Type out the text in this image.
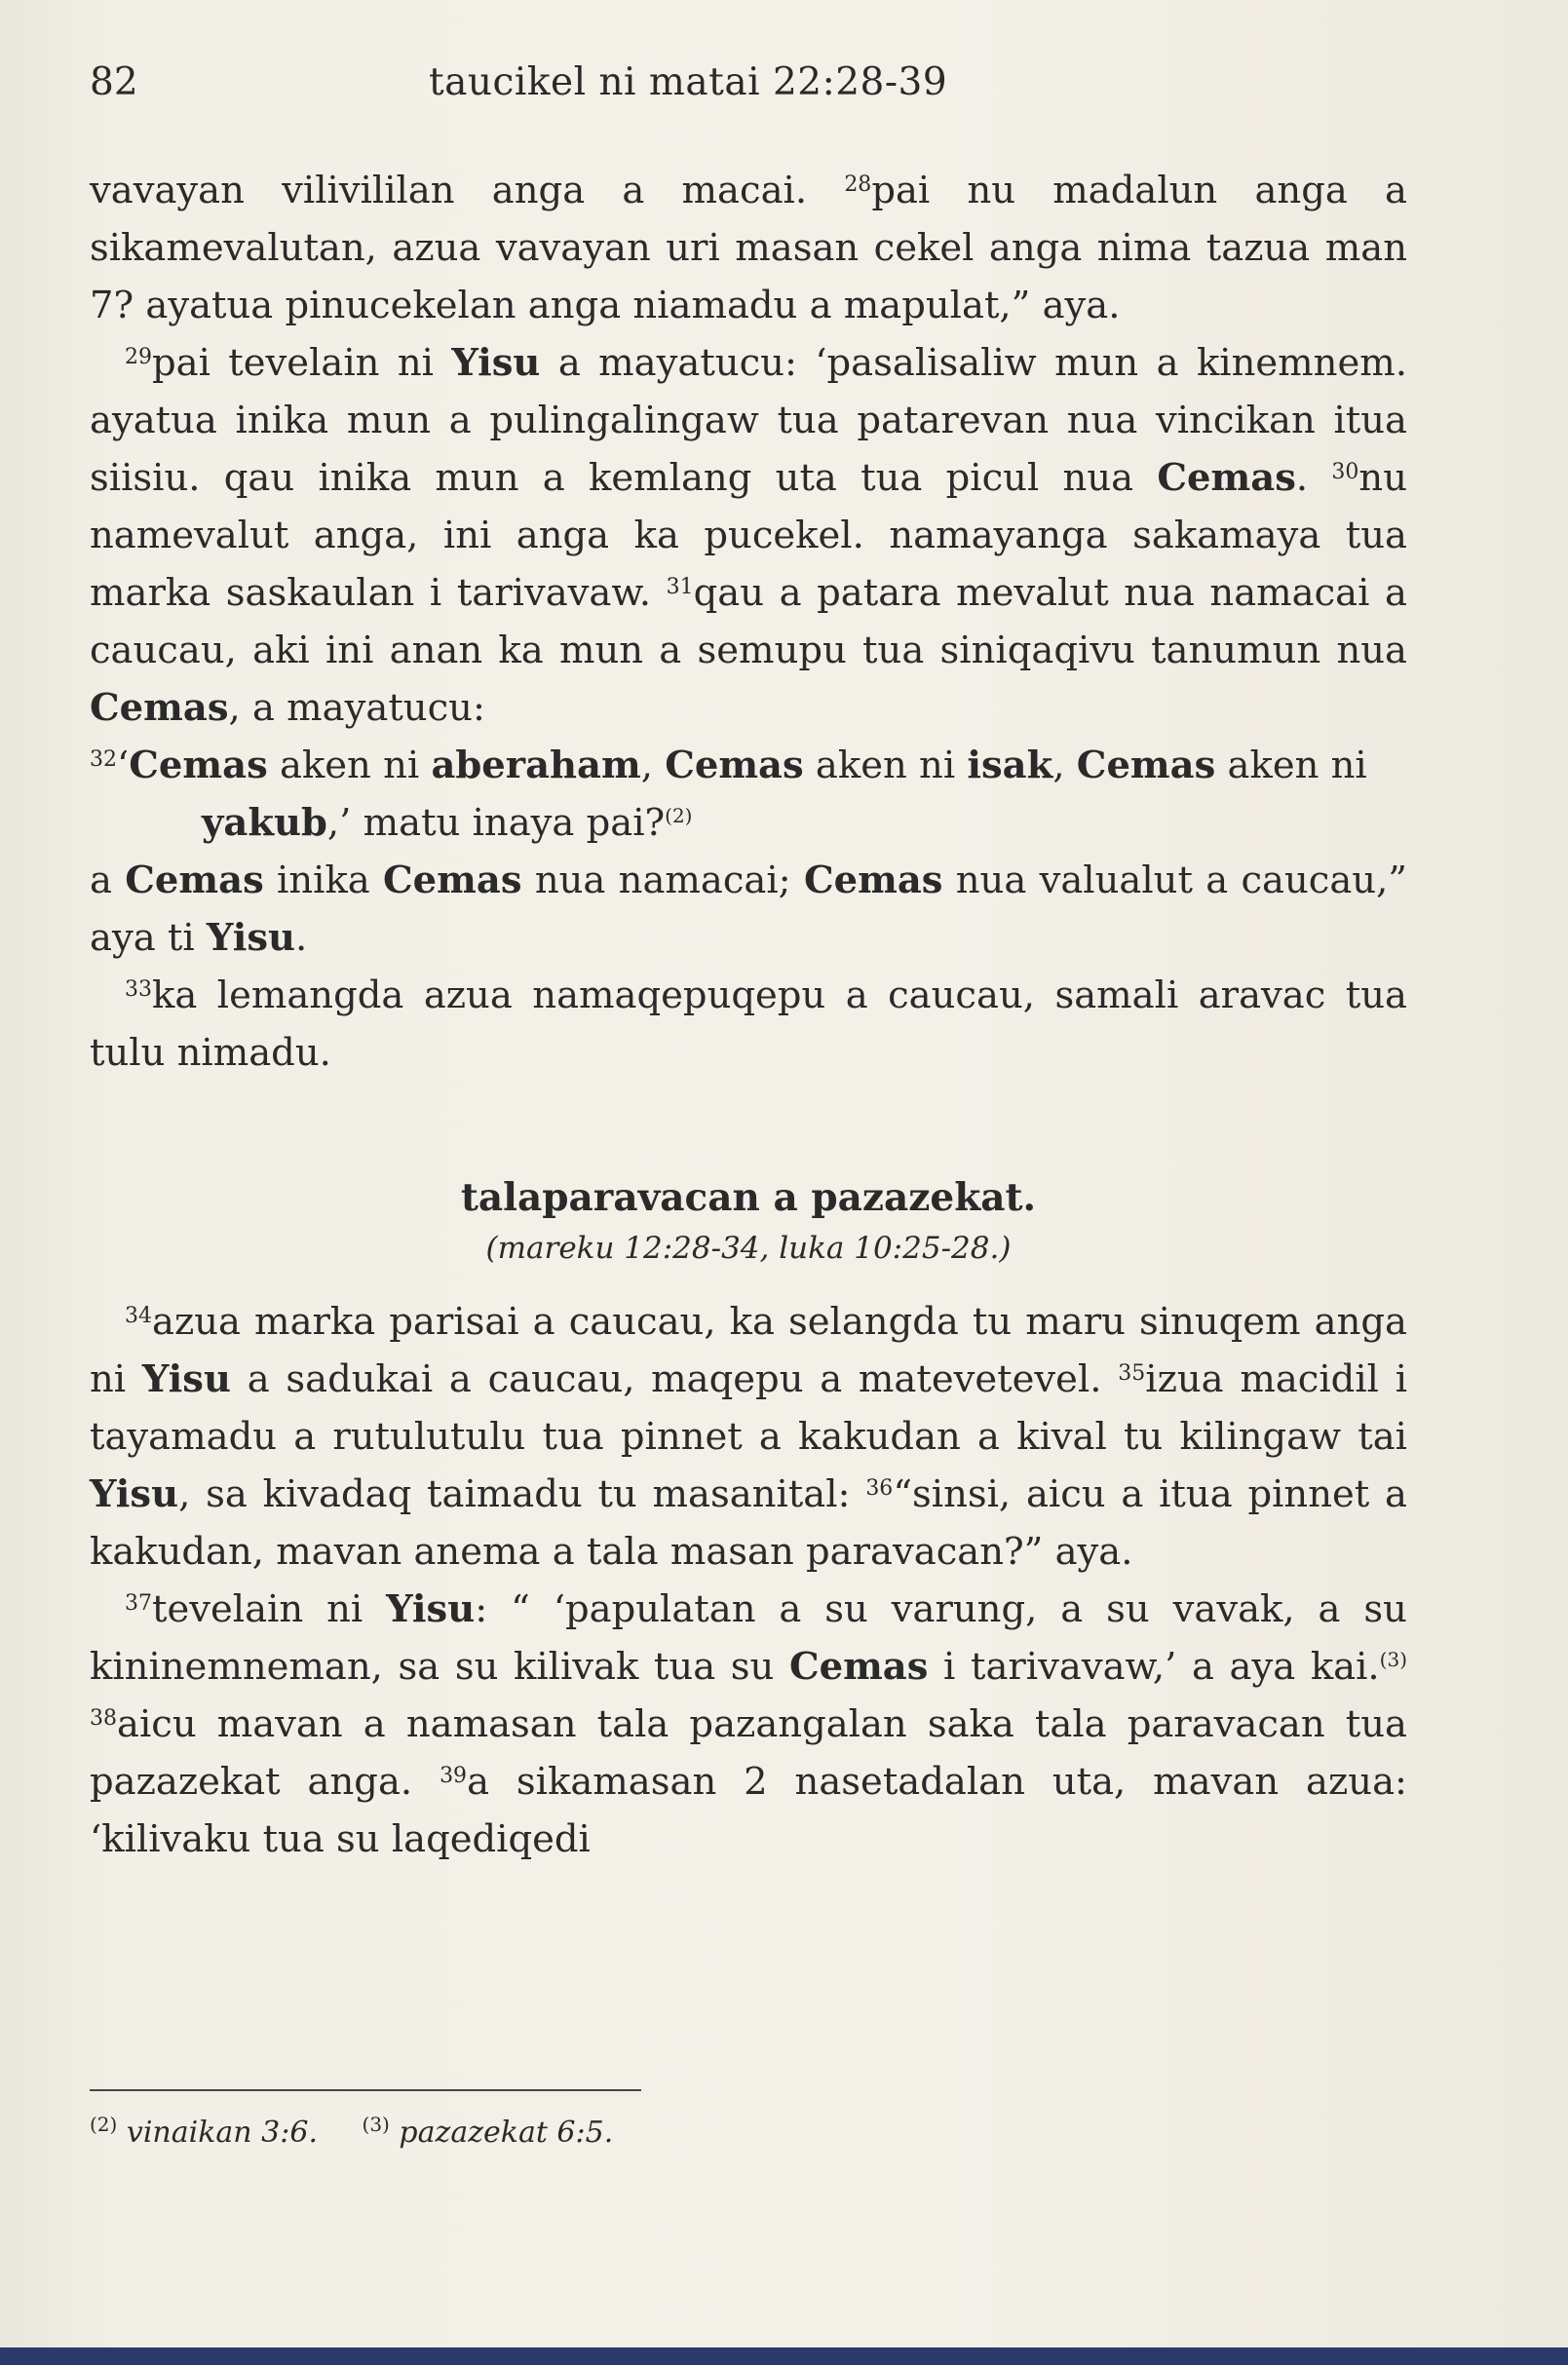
82	taucikel ni matai 22:28-39

vavayan vilivililan anga a macai. $^{28}$pai nu madalun anga a sikamevalutan, azua vavayan uri masan cekel anga nima tazua man 7? ayatua pinucekelan anga niamadu a mapulat,” aya.

$^{29}$pai tevelain ni Yisu a mayatucu: ‘pasalisaliw mun a kinemnem. ayatua inika mun a pulingalingaw tua patarevan nua vincikan itua siisiu. qau inika mun a kemlang uta tua picul nua Cemas. $^{30}$nu namevalut anga, ini anga ka pucekel. namayanga sakamaya tua marka saskaulan i tarivavaw. $^{31}$qau a patara mevalut nua namacai a caucau, aki ini anan ka mun a semupu tua siniqaqivu tanumun nua Cemas, a mayatucu:

$^{32}$‘Cemas aken ni aberaham, Cemas aken ni isak, Cemas aken ni yakub,’ matu inaya pai?$^{(2)}$

a Cemas inika Cemas nua namacai; Cemas nua valualut a caucau,” aya ti Yisu.

$^{33}$ka lemangda azua namaqepuqepu a caucau, samali aravac tua tulu nimadu.

talaparavacan a pazazekat.

(mareku 12:28-34, luka 10:25-28.)

$^{34}$azua marka parisai a caucau, ka selangda tu maru sinuqem anga ni Yisu a sadukai a caucau, maqepu a matevetevel. $^{35}$izua macidil i tayamadu a rutulutulu tua pinnet a kakudan a kival tu kilingaw tai Yisu, sa kivadaq taimadu tu masanital: $^{36}$“sinsi, aicu a itua pinnet a kakudan, mavan anema a tala masan paravacan?” aya.

$^{37}$tevelain ni Yisu: “ ‘papulatan a su varung, a su vavak, a su kininemneman, sa su kilivak tua su Cemas i tarivavaw,’ a aya kai.$^{(3)}$ $^{38}$aicu mavan a namasan tala pazangalan saka tala paravacan tua pazazekat anga. $^{39}$a sikamasan 2 nasetadalan uta, mavan azua: ‘kilivaku tua su laqediqedi

$^{(2)}$ vinaikan 3:6. $^{(3)}$ pazazekat 6:5.
